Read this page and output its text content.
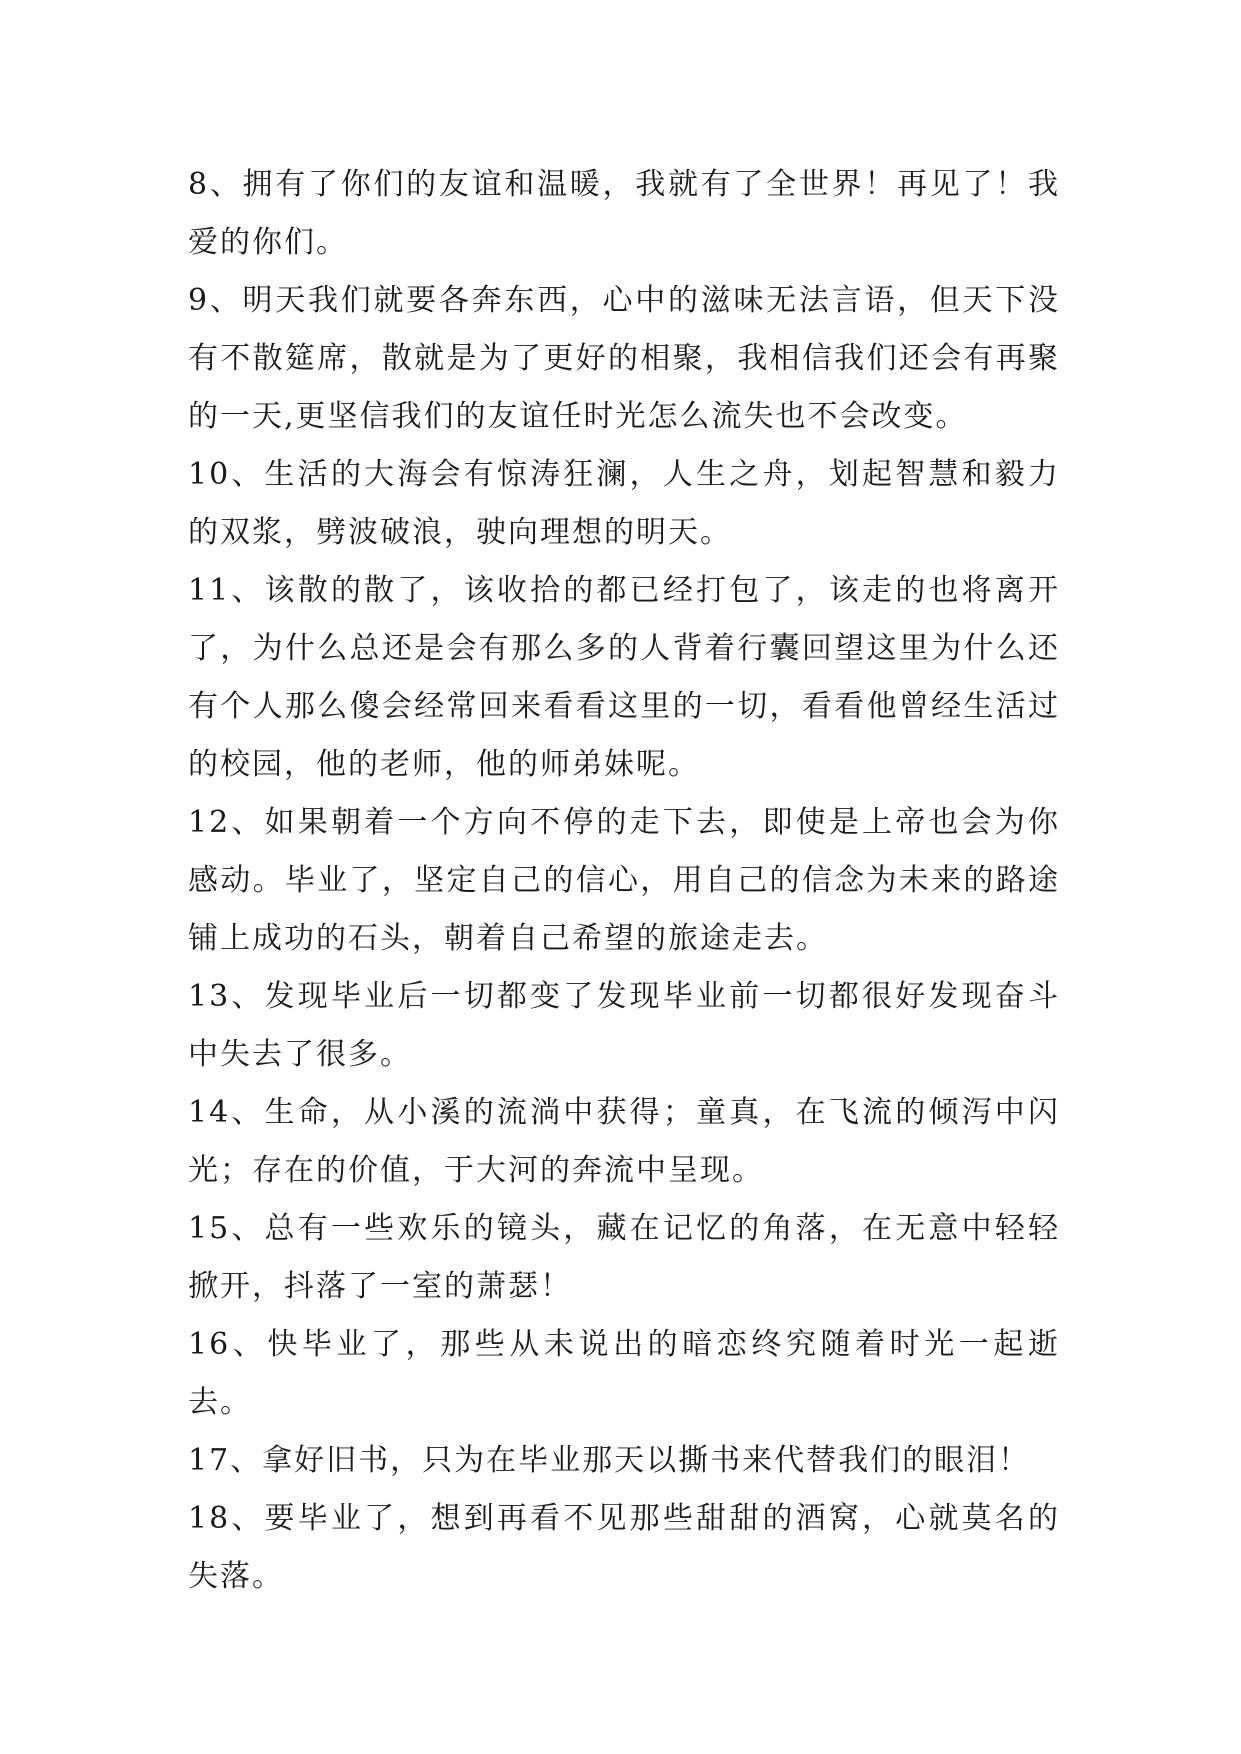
8、拥有了你们的友谊和温暖，我就有了全世界！再见了！我爱的你们。

9、明天我们就要各奔东西，心中的滋味无法言语，但天下没有不散筵席，散就是为了更好的相聚，我相信我们还会有再聚的一天,更坚信我们的友谊任时光怎么流失也不会改变。

10、生活的大海会有惊涛狂澜，人生之舟，划起智慧和毅力的双浆，劈波破浪，驶向理想的明天。

11、该散的散了，该收拾的都已经打包了，该走的也将离开了，为什么总还是会有那么多的人背着行囊回望这里为什么还有个人那么傻会经常回来看看这里的一切，看看他曾经生活过的校园，他的老师，他的师弟妹呢。

12、如果朝着一个方向不停的走下去，即使是上帝也会为你感动。毕业了，坚定自己的信心，用自己的信念为未来的路途铺上成功的石头，朝着自己希望的旅途走去。

13、发现毕业后一切都变了发现毕业前一切都很好发现奋斗中失去了很多。

14、生命，从小溪的流淌中获得；童真，在飞流的倾泻中闪光；存在的价值，于大河的奔流中呈现。

15、总有一些欢乐的镜头，藏在记忆的角落，在无意中轻轻掀开，抖落了一室的萧瑟！

16、快毕业了，那些从未说出的暗恋终究随着时光一起逝去。

17、拿好旧书，只为在毕业那天以撕书来代替我们的眼泪！

18、要毕业了，想到再看不见那些甜甜的酒窝，心就莫名的失落。
